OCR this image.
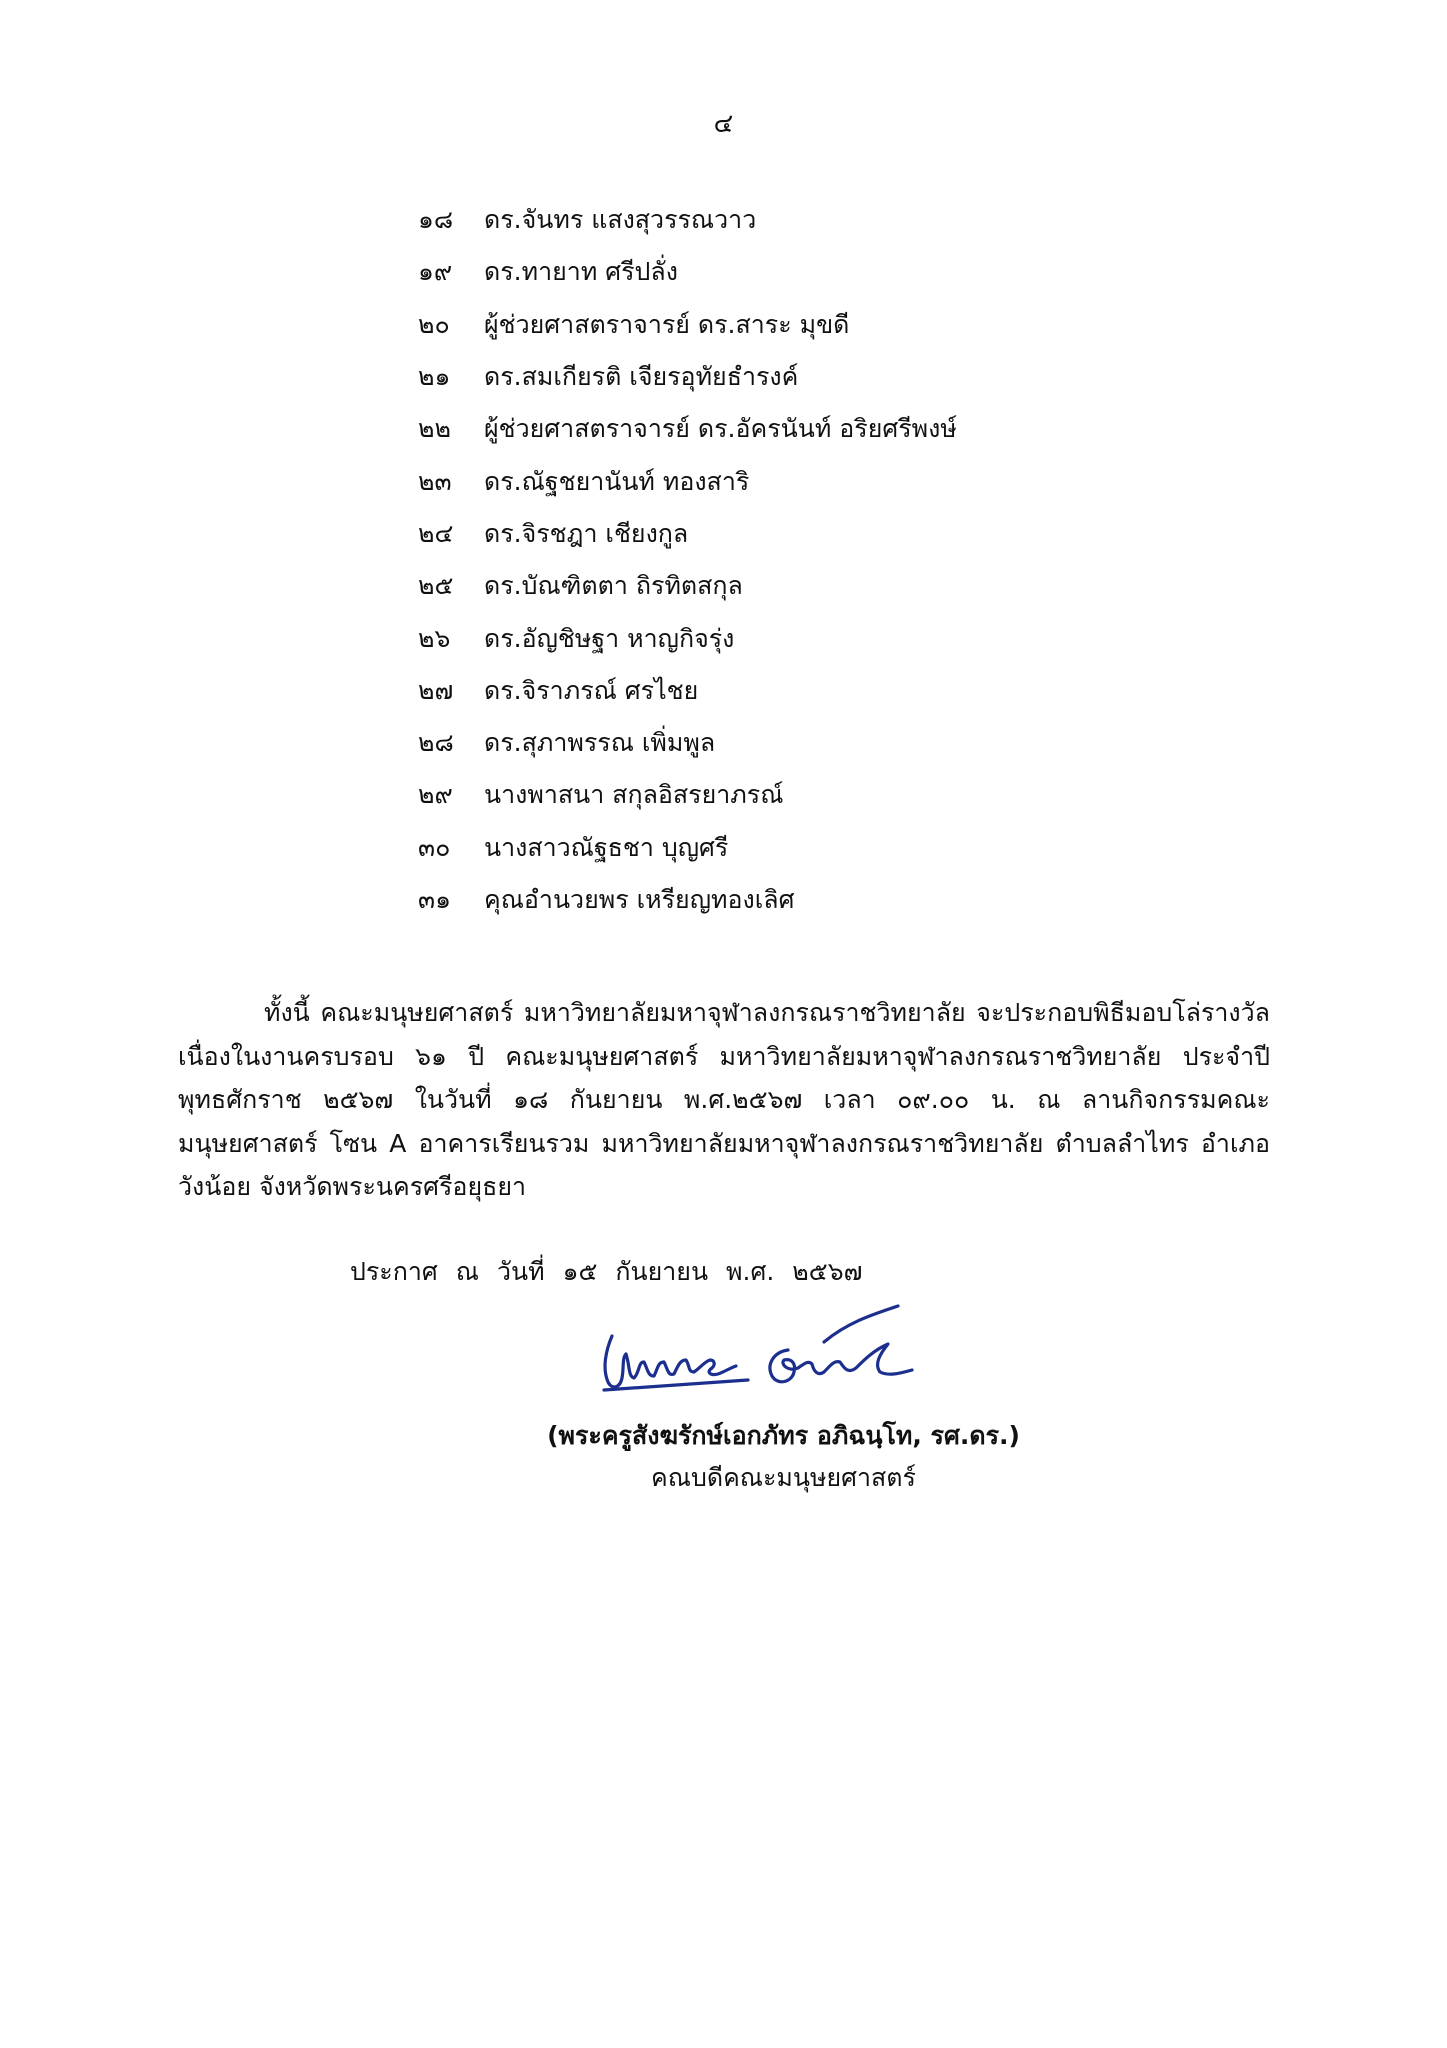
๔
๑๘	ดร.จันทร แสงสุวรรณวาว
๑๙	ดร.ทายาท ศรีปลั่ง
๒๐	ผู้ช่วยศาสตราจารย์ ดร.สาระ มุขดี
๒๑	ดร.สมเกียรติ เจียรอุทัยธำรงค์
๒๒	ผู้ช่วยศาสตราจารย์ ดร.อัครนันท์ อริยศรีพงษ์
๒๓	ดร.ณัฐชยานันท์ ทองสาริ
๒๔	ดร.จิรชฎา เชียงกูล
๒๕	ดร.บัณฑิตตา ถิรทิตสกุล
๒๖	ดร.อัญชิษฐา หาญกิจรุ่ง
๒๗	ดร.จิราภรณ์ ศรไชย
๒๘	ดร.สุภาพรรณ เพิ่มพูล
๒๙	นางพาสนา สกุลอิสรยาภรณ์
๓๐	นางสาวณัฐธชา บุญศรี
๓๑	คุณอำนวยพร เหรียญทองเลิศ

ทั้งนี้ คณะมนุษยศาสตร์ มหาวิทยาลัยมหาจุฬาลงกรณราชวิทยาลัย จะประกอบพิธีมอบโล่รางวัล เนื่องในงานครบรอบ ๖๑ ปี คณะมนุษยศาสตร์ มหาวิทยาลัยมหาจุฬาลงกรณราชวิทยาลัย ประจำปี พุทธศักราช ๒๕๖๗ ในวันที่ ๑๘ กันยายน พ.ศ.๒๕๖๗ เวลา ๐๙.๐๐ น. ณ ลานกิจกรรมคณะมนุษยศาสตร์ โซน A อาคารเรียนรวม มหาวิทยาลัยมหาจุฬาลงกรณราชวิทยาลัย ตำบลลำไทร อำเภอวังน้อย จังหวัดพระนครศรีอยุธยา

ประกาศ ณ วันที่ ๑๕ กันยายน พ.ศ. ๒๕๖๗
(พระครูสังฆรักษ์เอกภัทร อภิฉนฺโท, รศ.ดร.)
คณบดีคณะมนุษยศาสตร์
